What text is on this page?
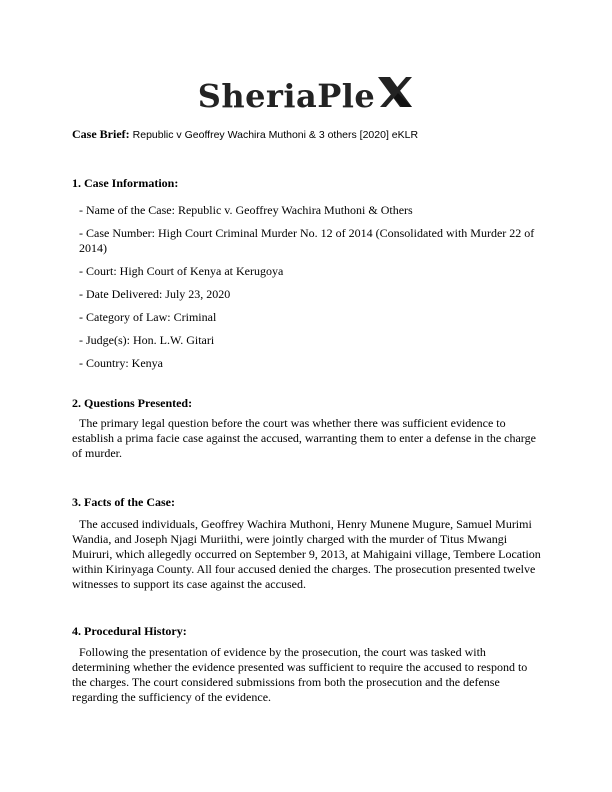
SheriaPle
Case Brief: Republic v Geoffrey Wachira Muthoni & 3 others [2020] eKLR

1. Case Information:

- Name of the Case: Republic v. Geoffrey Wachira Muthoni & Others

- Case Number: High Court Criminal Murder No. 12 of 2014 (Consolidated with Murder 22 of 2014)

- Court: High Court of Kenya at Kerugoya

- Date Delivered: July 23, 2020

- Category of Law: Criminal

- Judge(s): Hon. L.W. Gitari

- Country: Kenya

2. Questions Presented:

The primary legal question before the court was whether there was sufficient evidence to establish a prima facie case against the accused, warranting them to enter a defense in the charge of murder.

3. Facts of the Case:

The accused individuals, Geoffrey Wachira Muthoni, Henry Munene Mugure, Samuel Murimi Wandia, and Joseph Njagi Muriithi, were jointly charged with the murder of Titus Mwangi Muiruri, which allegedly occurred on September 9, 2013, at Mahigaini village, Tembere Location within Kirinyaga County. All four accused denied the charges. The prosecution presented twelve witnesses to support its case against the accused.

4. Procedural History:

Following the presentation of evidence by the prosecution, the court was tasked with determining whether the evidence presented was sufficient to require the accused to respond to the charges. The court considered submissions from both the prosecution and the defense regarding the sufficiency of the evidence.
